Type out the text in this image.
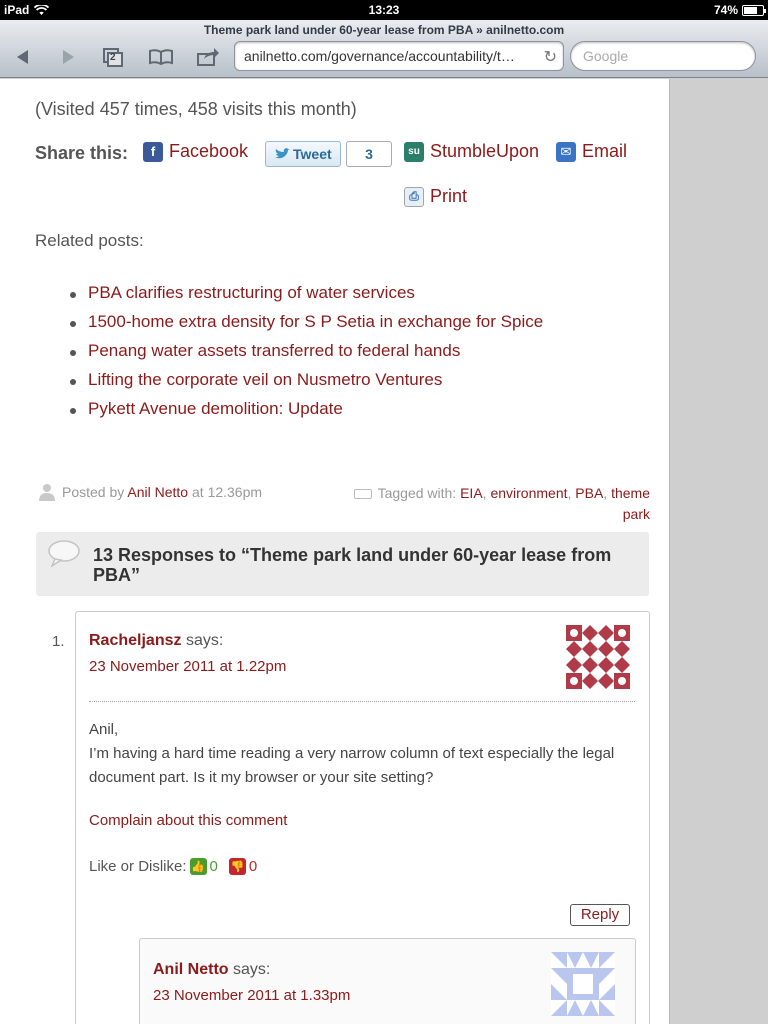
iPad	13:23	74%
Theme park land under 60-year lease from PBA » anilnetto.com
2	anilnetto.com/governance/accountability/t… ↻	Google
(Visited 457 times, 458 visits this month)
Share this:	f Facebook	Tweet	3	su StumbleUpon	✉ Email
⎙ Print
Related posts:
PBA clarifies restructuring of water services
1500-home extra density for S P Setia in exchange for Spice
Penang water assets transferred to federal hands
Lifting the corporate veil on Nusmetro Ventures
Pykett Avenue demolition: Update
Posted by Anil Netto at 12.36pm	Tagged with: EIA, environment, PBA, theme park
13 Responses to “Theme park land under 60-year lease from PBA”
1. Racheljansz says:
23 November 2011 at 1.22pm
Anil,
I’m having a hard time reading a very narrow column of text especially the legal document part. Is it my browser or your site setting?
Complain about this comment
Like or Dislike: 👍 0 👎 0
Reply
Anil Netto says:
23 November 2011 at 1.33pm
